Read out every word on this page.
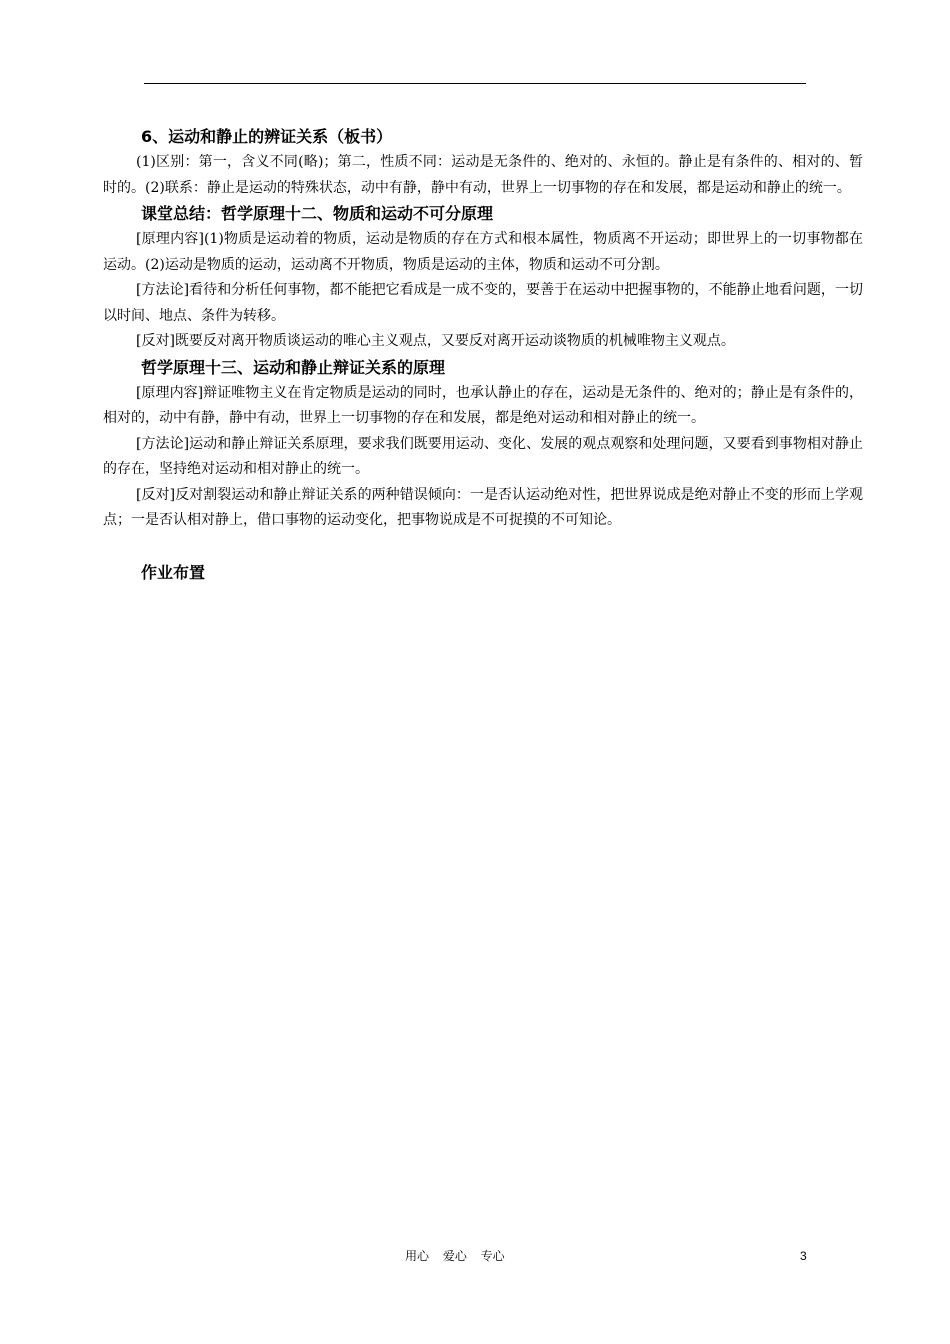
6、运动和静止的辨证关系（板书）

(1)区别：第一，含义不同(略)；第二，性质不同：运动是无条件的、绝对的、永恒的。静止是有条件的、相对的、暂时的。(2)联系：静止是运动的特殊状态，动中有静，静中有动，世界上一切事物的存在和发展，都是运动和静止的统一。

课堂总结：哲学原理十二、物质和运动不可分原理

[原理内容](1)物质是运动着的物质，运动是物质的存在方式和根本属性，物质离不开运动；即世界上的一切事物都在运动。(2)运动是物质的运动，运动离不开物质，物质是运动的主体，物质和运动不可分割。

[方法论]看待和分析任何事物，都不能把它看成是一成不变的，要善于在运动中把握事物的，不能静止地看问题，一切以时间、地点、条件为转移。

[反对]既要反对离开物质谈运动的唯心主义观点，又要反对离开运动谈物质的机械唯物主义观点。

哲学原理十三、运动和静止辩证关系的原理

[原理内容]辩证唯物主义在肯定物质是运动的同时，也承认静止的存在，运动是无条件的、绝对的；静止是有条件的，相对的，动中有静，静中有动，世界上一切事物的存在和发展，都是绝对运动和相对静止的统一。

[方法论]运动和静止辩证关系原理，要求我们既要用运动、变化、发展的观点观察和处理问题，又要看到事物相对静止的存在，坚持绝对运动和相对静止的统一。

[反对]反对割裂运动和静止辩证关系的两种错误倾向：一是否认运动绝对性，把世界说成是绝对静止不变的形而上学观点；一是否认相对静上，借口事物的运动变化，把事物说成是不可捉摸的不可知论。

作业布置

用心 爱心 专心	3
